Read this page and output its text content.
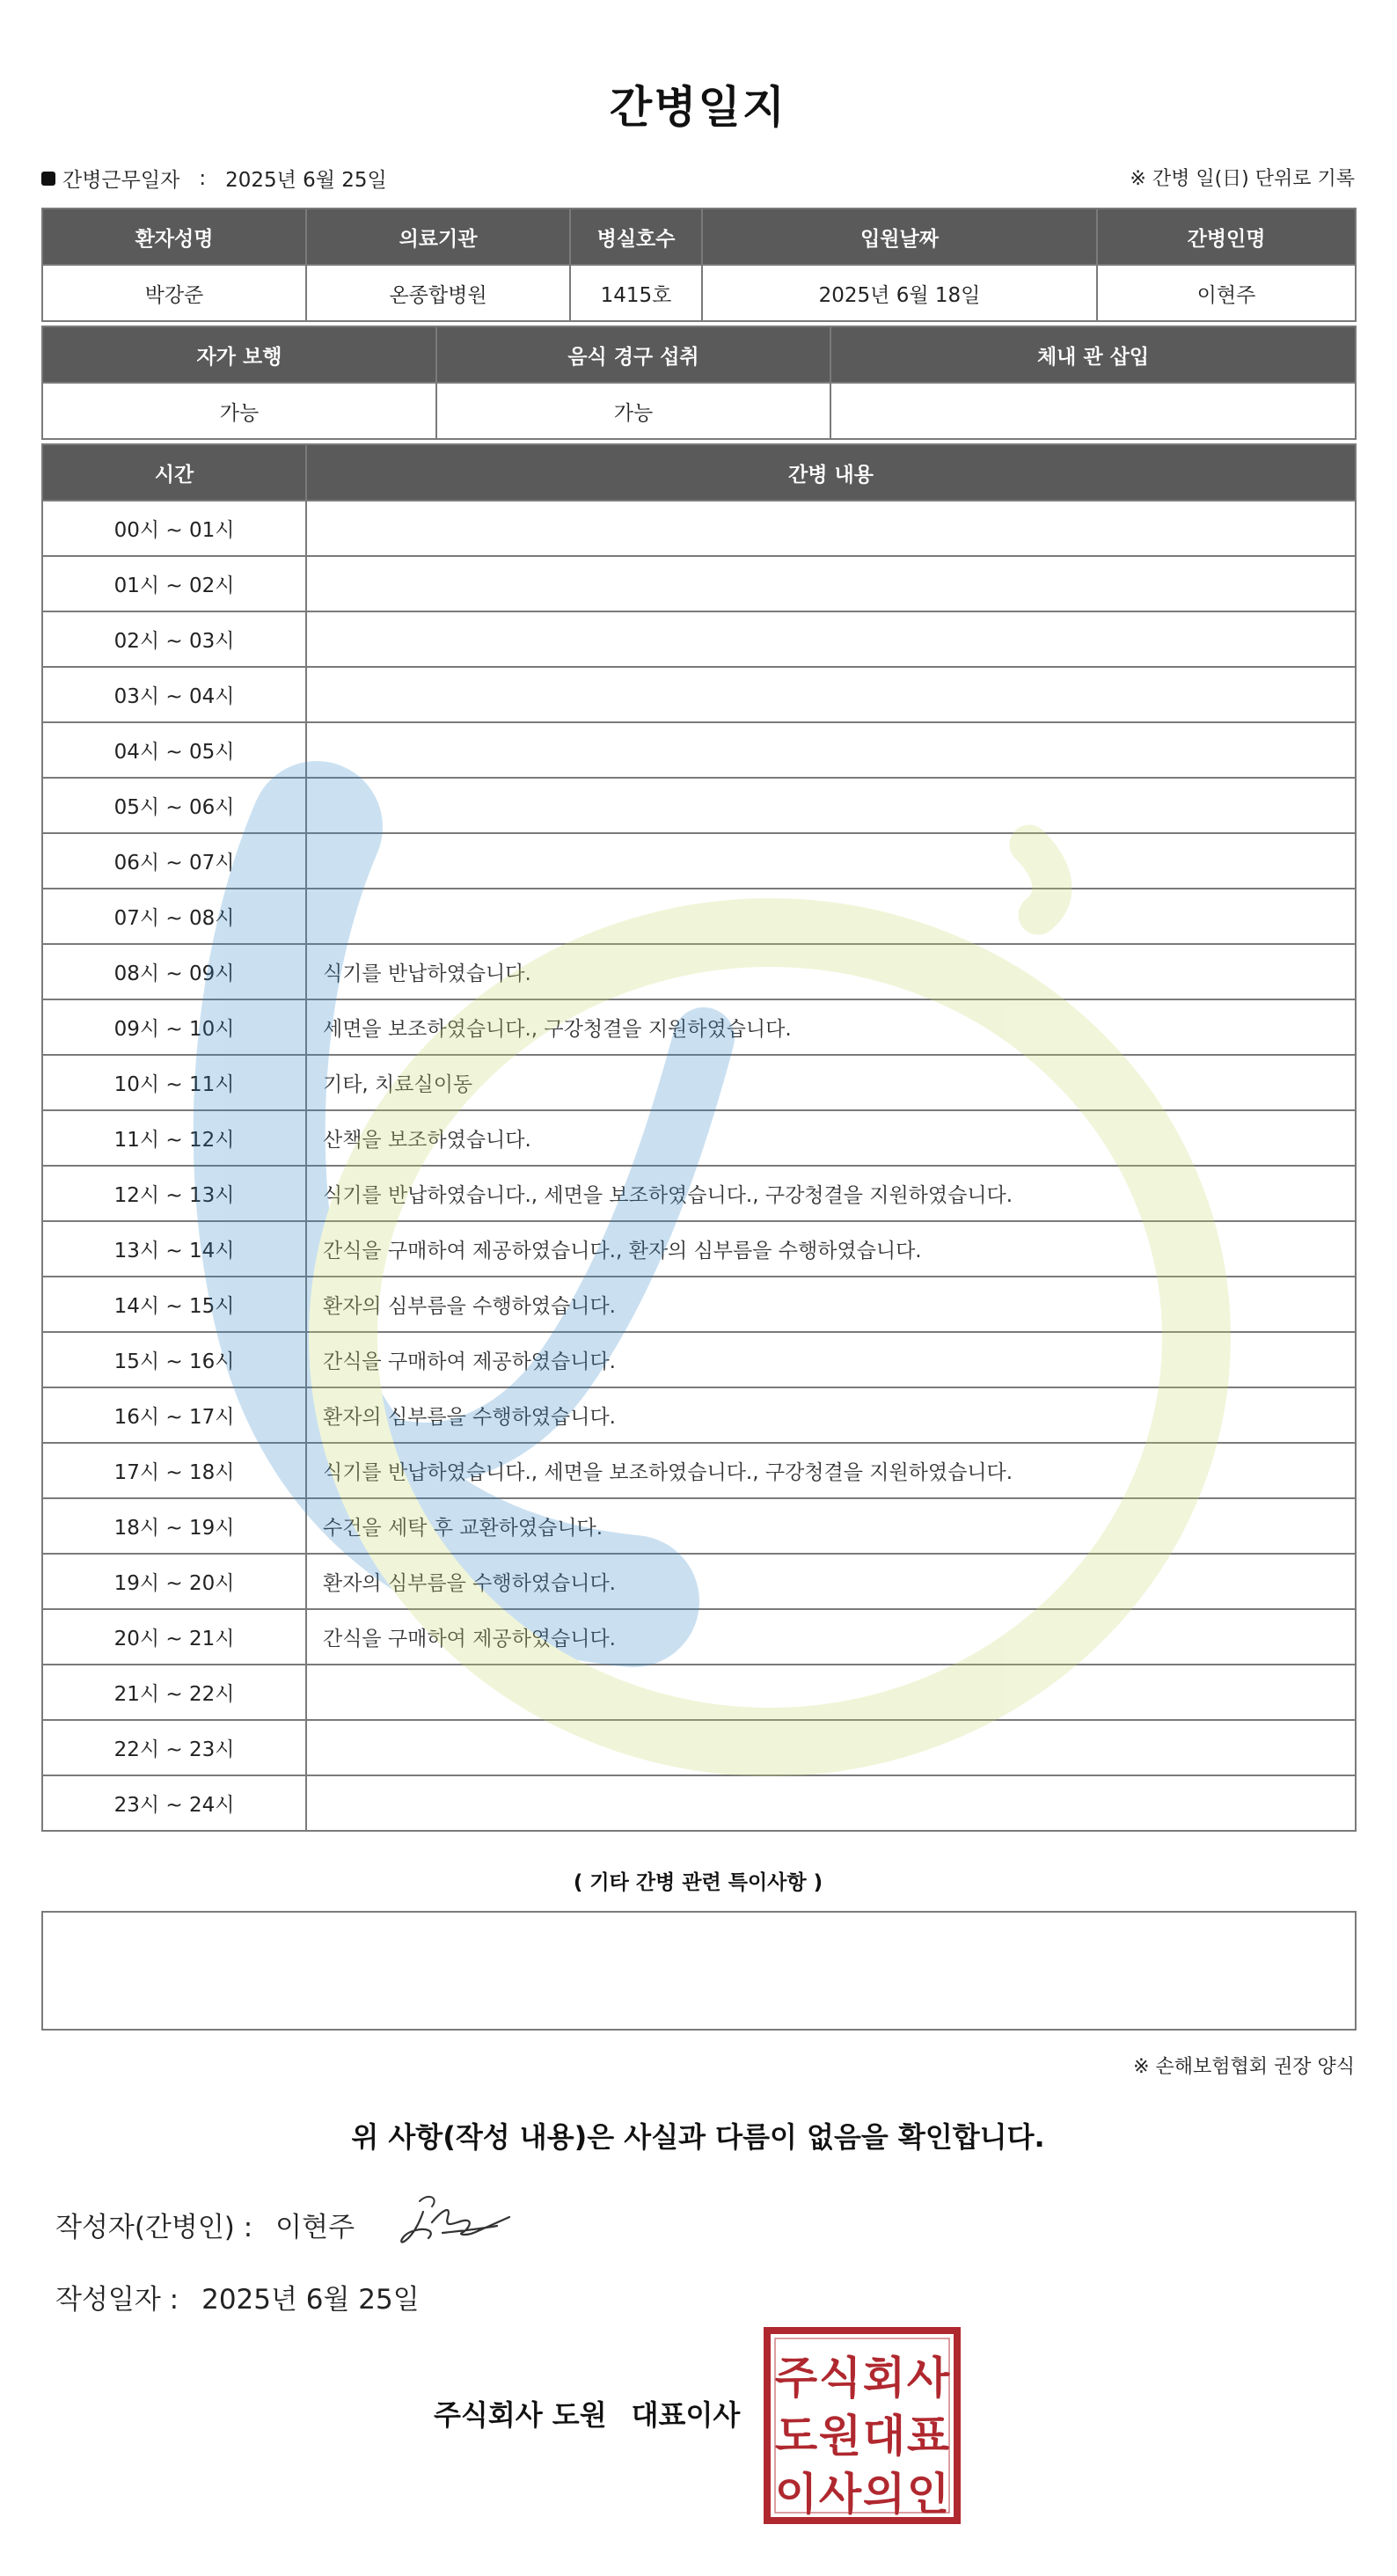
간병일지
간병근무일자 : 2025년 6월 25일	※ 간병 일(日) 단위로 기록
환자성명	의료기관	병실호수	입원날짜	간병인명
박강준	온종합병원	1415호	2025년 6월 18일	이현주
자가 보행	음식 경구 섭취	체내 관 삽입
가능	가능	
시간	간병 내용
00시 ~ 01시	
01시 ~ 02시	
02시 ~ 03시	
03시 ~ 04시	
04시 ~ 05시	
05시 ~ 06시	
06시 ~ 07시	
07시 ~ 08시	
08시 ~ 09시	식기를 반납하였습니다.
09시 ~ 10시	세면을 보조하였습니다., 구강청결을 지원하였습니다.
10시 ~ 11시	기타, 치료실이동
11시 ~ 12시	산책을 보조하였습니다.
12시 ~ 13시	식기를 반납하였습니다., 세면을 보조하였습니다., 구강청결을 지원하였습니다.
13시 ~ 14시	간식을 구매하여 제공하였습니다., 환자의 심부름을 수행하였습니다.
14시 ~ 15시	환자의 심부름을 수행하였습니다.
15시 ~ 16시	간식을 구매하여 제공하였습니다.
16시 ~ 17시	환자의 심부름을 수행하였습니다.
17시 ~ 18시	식기를 반납하였습니다., 세면을 보조하였습니다., 구강청결을 지원하였습니다.
18시 ~ 19시	수건을 세탁 후 교환하였습니다.
19시 ~ 20시	환자의 심부름을 수행하였습니다.
20시 ~ 21시	간식을 구매하여 제공하였습니다.
21시 ~ 22시	
22시 ~ 23시	
23시 ~ 24시	
( 기타 간병 관련 특이사항 )
※ 손해보험협회 권장 양식
위 사항(작성 내용)은 사실과 다름이 없음을 확인합니다.
작성자(간병인) : 이현주
작성일자 : 2025년 6월 25일
주식회사 도원 대표이사
주 식 회 사
도 원 대 표
이 사 의 인
